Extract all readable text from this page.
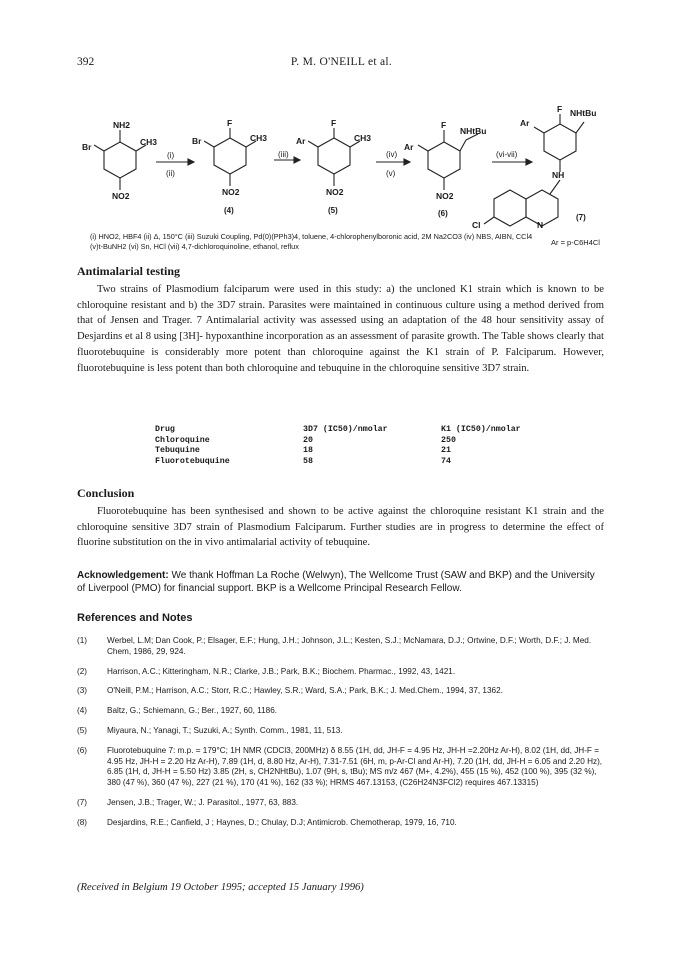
392	P. M. O'NEILL et al.
NH2
Br	CH3
NO2
(i)
(ii)
F
Br	CH3
NO2
(4)
(iii)
F
Ar	CH3
NO2
(5)
(iv)
(v)
F
Ar
NHtBu
NO2
(6)
(vi-vii)
F NHtBu
Ar
NH
N
Cl
(7)
(i) HNO2, HBF4 (ii) Δ, 150°C (iii) Suzuki Coupling, Pd(0)(PPh3)4, toluene, 4-chlorophenylboronic acid, 2M Na2CO3 (iv) NBS, AIBN, CCl4 (v)t-BuNH2 (vi) Sn, HCl (vii) 4,7-dichloroquinoline, ethanol, reflux	Ar = p-C6H4Cl
Antimalarial testing
Two strains of Plasmodium falciparum were used in this study: a) the uncloned K1 strain which is known to be chloroquine resistant and b) the 3D7 strain. Parasites were maintained in continuous culture using a method derived from that of Jensen and Trager. 7 Antimalarial activity was assessed using an adaptation of the 48 hour sensitivity assay of Desjardins et al 8 using [3H]- hypoxanthine incorporation as an assessment of parasite growth. The Table shows clearly that fluorotebuquine is considerably more potent than chloroquine against the K1 strain of P. Falciparum. However, fluorotebuquine is less potent than both chloroquine and tebuquine in the chloroquine sensitive 3D7 strain.
Drug	3D7 (IC50)/nmolar	K1 (IC50)/nmolar
Chloroquine	20	250
Tebuquine	18	21
Fluorotebuquine	58	74
Conclusion
Fluorotebuquine has been synthesised and shown to be active against the chloroquine resistant K1 strain and the chloroquine sensitive 3D7 strain of Plasmodium Falciparum. Further studies are in progress to determine the effect of fluorine substitution on the in vivo antimalarial activity of tebuquine.
Acknowledgement: We thank Hoffman La Roche (Welwyn), The Wellcome Trust (SAW and BKP) and the University of Liverpool (PMO) for financial support. BKP is a Wellcome Principal Research Fellow.
References and Notes
(1) Werbel, L.M; Dan Cook, P.; Elsager, E.F.; Hung, J.H.; Johnson, J.L.; Kesten, S.J.; McNamara, D.J.; Ortwine, D.F.; Worth, D.F.; J. Med. Chem, 1986, 29, 924.
(2) Harrison, A.C.; Kitteringham, N.R.; Clarke, J.B.; Park, B.K.; Biochem. Pharmac., 1992, 43, 1421.
(3) O'Neill, P.M.; Harrison, A.C.; Storr, R.C.; Hawley, S.R.; Ward, S.A.; Park, B.K.; J. Med.Chem., 1994, 37, 1362.
(4) Baltz, G.; Schiemann, G.; Ber., 1927, 60, 1186.
(5) Miyaura, N.; Yanagi, T.; Suzuki, A.; Synth. Comm., 1981, 11, 513.
(6) Fluorotebuquine 7: m.p. = 179°C; 1H NMR (CDCl3, 200MHz) δ 8.55 (1H, dd, JH-F = 4.95 Hz, JH-H =2.20Hz Ar-H), 8.02 (1H, dd, JH-F = 4.95 Hz, JH-H = 2.20 Hz Ar-H), 7.89 (1H, d, 8.80 Hz, Ar-H), 7.31-7.51 (6H, m, p-Ar-Cl and Ar-H), 7.20 (1H, dd, JH-H = 6.05 and 2.20 Hz), 6.85 (1H, d, JH-H = 5.50 Hz) 3.85 (2H, s, CH2NHtBu), 1.07 (9H, s, tBu); MS m/z 467 (M+, 4.2%), 455 (15 %), 452 (100 %), 395 (32 %), 380 (47 %), 360 (47 %), 227 (21 %), 170 (41 %), 162 (33 %); HRMS 467.13153, (C26H24N3FCl2) requires 467.13315)
(7) Jensen, J.B.; Trager, W.; J. Parasitol., 1977, 63, 883.
(8) Desjardins, R.E.; Canfield, J ; Haynes, D.; Chulay, D.J; Antimicrob. Chemotherap, 1979, 16, 710.
(Received in Belgium 19 October 1995; accepted 15 January 1996)
